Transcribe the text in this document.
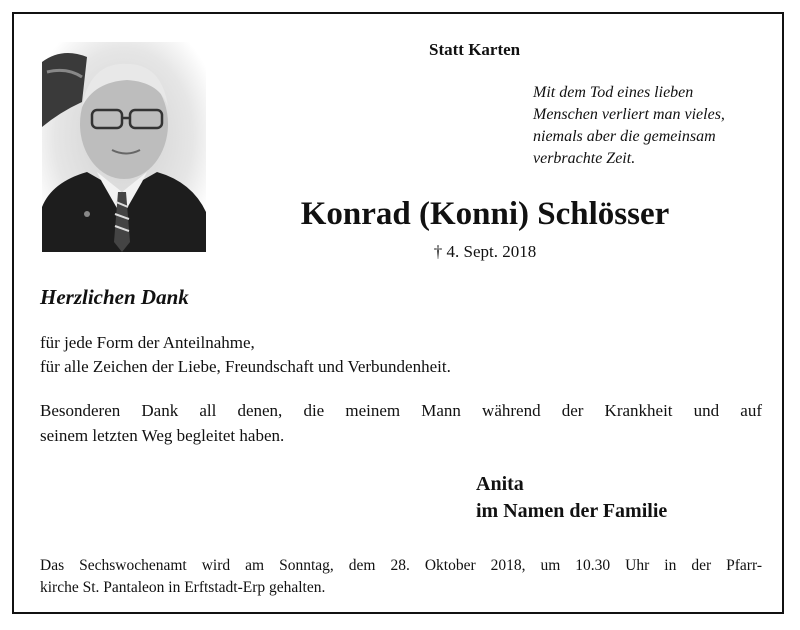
Statt Karten
Mit dem Tod eines lieben
Menschen verliert man vieles,
niemals aber die gemeinsam
verbrachte Zeit.
Konrad (Konni) Schlösser
† 4. Sept. 2018
Herzlichen Dank
für jede Form der Anteilnahme,
für alle Zeichen der Liebe, Freundschaft und Verbundenheit.
Besonderen Dank all denen, die meinem Mann während der Krankheit und auf
seinem letzten Weg begleitet haben.
Anita
im Namen der Familie
Das Sechswochenamt wird am Sonntag, dem 28. Oktober 2018, um 10.30 Uhr in der Pfarr-
kirche St. Pantaleon in Erftstadt-Erp gehalten.
